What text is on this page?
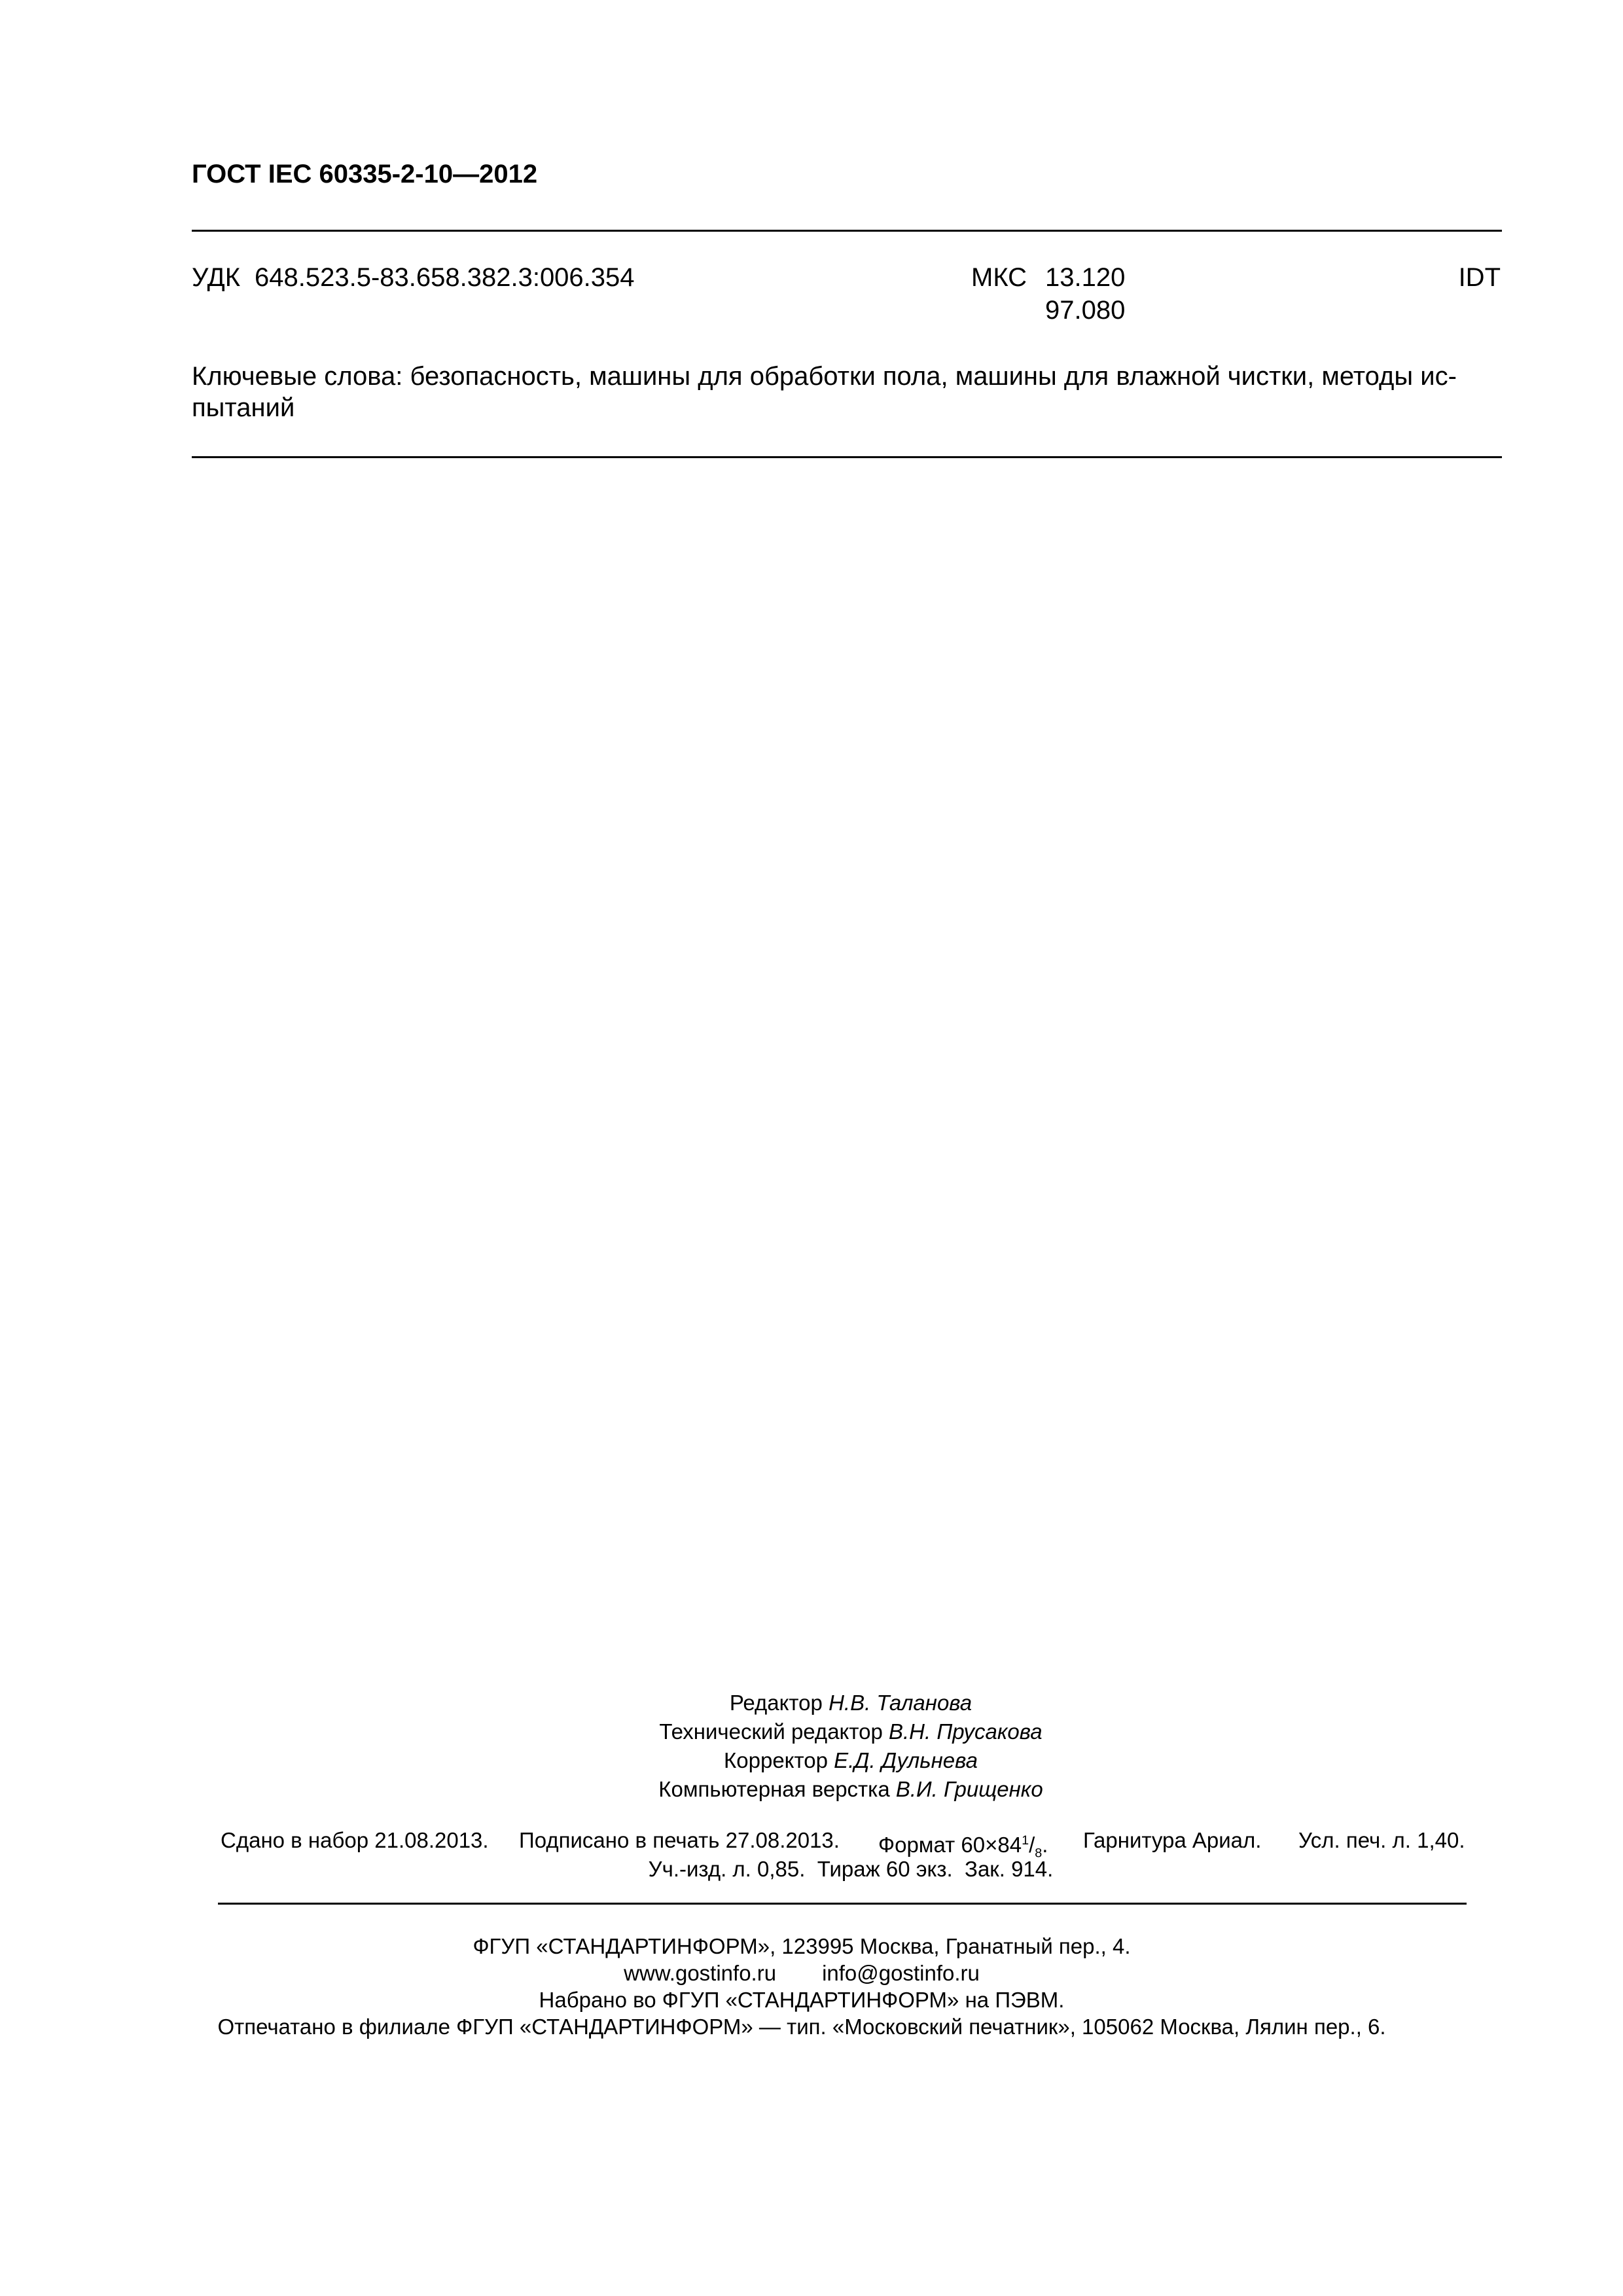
ГОСТ IEC 60335-2-10—2012
УДК 648.523.5-83.658.382.3:006.354	МКС 13.120
97.080
IDT
Ключевые слова: безопасность, машины для обработки пола, машины для влажной чистки, методы ис-
пытаний
Редактор Н.В. Таланова
Технический редактор В.Н. Прусакова
Корректор Е.Д. Дульнева
Компьютерная верстка В.И. Грищенко
Сдано в набор 21.08.2013. Подписано в печать 27.08.2013. Формат $60\times 84^1/_8$. Гарнитура Ариал. Усл. печ. л. 1,40.
Уч.-изд. л. 0,85. Тираж 60 экз. Зак. 914.
ФГУП «СТАНДАРТИНФОРМ», 123995 Москва, Гранатный пер., 4.
www.gostinfo.ru info@gostinfo.ru
Набрано во ФГУП «СТАНДАРТИНФОРМ» на ПЭВМ.
Отпечатано в филиале ФГУП «СТАНДАРТИНФОРМ» — тип. «Московский печатник», 105062 Москва, Лялин пер., 6.
